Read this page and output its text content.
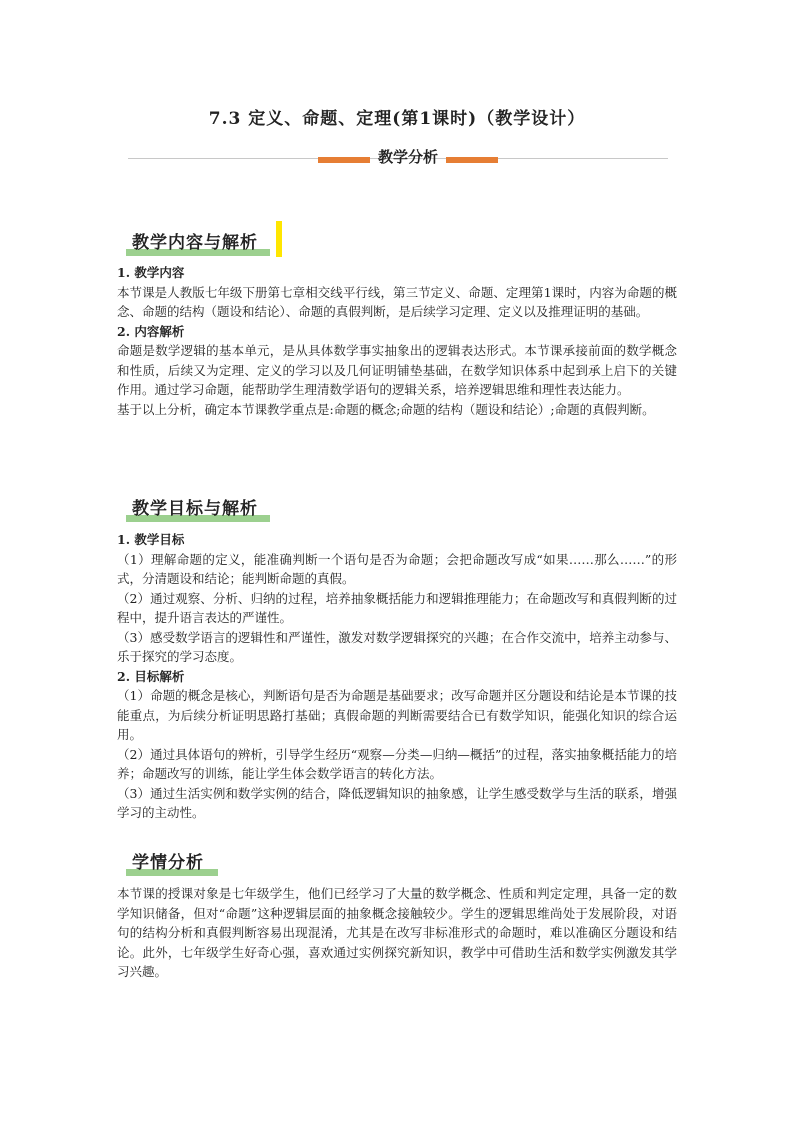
7.3 定义、命题、定理(第1课时)（教学设计）
教学分析
教学内容与解析

1. 教学内容

本节课是人教版七年级下册第七章相交线平行线，第三节定义、命题、定理第1课时，内容为命题的概念、命题的结构（题设和结论）、命题的真假判断，是后续学习定理、定义以及推理证明的基础。

2. 内容解析

命题是数学逻辑的基本单元，是从具体数学事实抽象出的逻辑表达形式。本节课承接前面的数学概念和性质，后续又为定理、定义的学习以及几何证明铺垫基础，在数学知识体系中起到承上启下的关键作用。通过学习命题，能帮助学生理清数学语句的逻辑关系，培养逻辑思维和理性表达能力。

基于以上分析，确定本节课教学重点是:命题的概念;命题的结构（题设和结论）;命题的真假判断。

教学目标与解析

1. 教学目标

（1）理解命题的定义，能准确判断一个语句是否为命题；会把命题改写成“如果……那么……”的形式，分清题设和结论；能判断命题的真假。

（2）通过观察、分析、归纳的过程，培养抽象概括能力和逻辑推理能力；在命题改写和真假判断的过程中，提升语言表达的严谨性。

（3）感受数学语言的逻辑性和严谨性，激发对数学逻辑探究的兴趣；在合作交流中，培养主动参与、乐于探究的学习态度。

2. 目标解析

（1）命题的概念是核心，判断语句是否为命题是基础要求；改写命题并区分题设和结论是本节课的技能重点，为后续分析证明思路打基础；真假命题的判断需要结合已有数学知识，能强化知识的综合运用。

（2）通过具体语句的辨析，引导学生经历“观察—分类—归纳—概括”的过程，落实抽象概括能力的培养；命题改写的训练，能让学生体会数学语言的转化方法。

（3）通过生活实例和数学实例的结合，降低逻辑知识的抽象感，让学生感受数学与生活的联系，增强学习的主动性。

学情分析

本节课的授课对象是七年级学生，他们已经学习了大量的数学概念、性质和判定定理，具备一定的数学知识储备，但对“命题”这种逻辑层面的抽象概念接触较少。学生的逻辑思维尚处于发展阶段，对语句的结构分析和真假判断容易出现混淆，尤其是在改写非标准形式的命题时，难以准确区分题设和结论。此外，七年级学生好奇心强，喜欢通过实例探究新知识，教学中可借助生活和数学实例激发其学习兴趣。
